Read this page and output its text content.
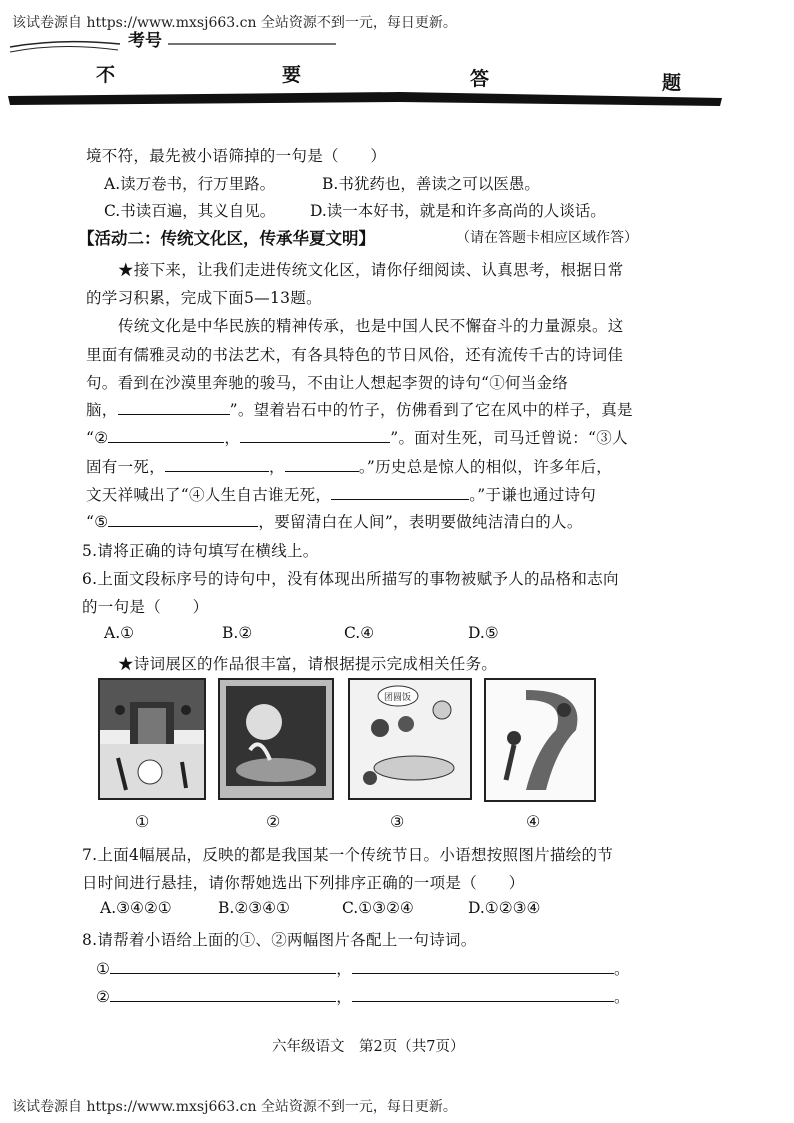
该试卷源自 https://www.mxsj663.cn 全站资源不到一元，每日更新。
考号
不	要	答	题
境不符，最先被小语筛掉的一句是（　　）
A.读万卷书，行万里路。	B.书犹药也，善读之可以医愚。
C.书读百遍，其义自见。 D.读一本好书，就是和许多高尚的人谈话。
【活动二：传统文化区，传承华夏文明】	（请在答题卡相应区域作答）
★接下来，让我们走进传统文化区，请你仔细阅读、认真思考，根据日常
的学习积累，完成下面5—13题。
传统文化是中华民族的精神传承，也是中国人民不懈奋斗的力量源泉。这
里面有儒雅灵动的书法艺术，有各具特色的节日风俗，还有流传千古的诗词佳
句。看到在沙漠里奔驰的骏马，不由让人想起李贺的诗句“①何当金络
脑，	”。望着岩石中的竹子，仿佛看到了它在风中的样子，真是
“②	，	”。面对生死，司马迁曾说：“③人
固有一死，	，	。”历史总是惊人的相似，许多年后，
文天祥喊出了“④人生自古谁无死，	。”于谦也通过诗句
“⑤	，要留清白在人间”，表明要做纯洁清白的人。
5.请将正确的诗句填写在横线上。
6.上面文段标序号的诗句中，没有体现出所描写的事物被赋予人的品格和志向
的一句是（　　）
A.①	B.②	C.④	D.⑤
★诗词展区的作品很丰富，请根据提示完成相关任务。
团圆饭
①	②	③	④
7.上面4幅展品，反映的都是我国某一个传统节日。小语想按照图片描绘的节
日时间进行悬挂，请你帮她选出下列排序正确的一项是（　　）
A.③④②①	B.②③④①	C.①③②④	D.①②③④
8.请帮着小语给上面的①、②两幅图片各配上一句诗词。
①	，	。
②	，	。
六年级语文　第2页（共7页）
该试卷源自 https://www.mxsj663.cn 全站资源不到一元，每日更新。
